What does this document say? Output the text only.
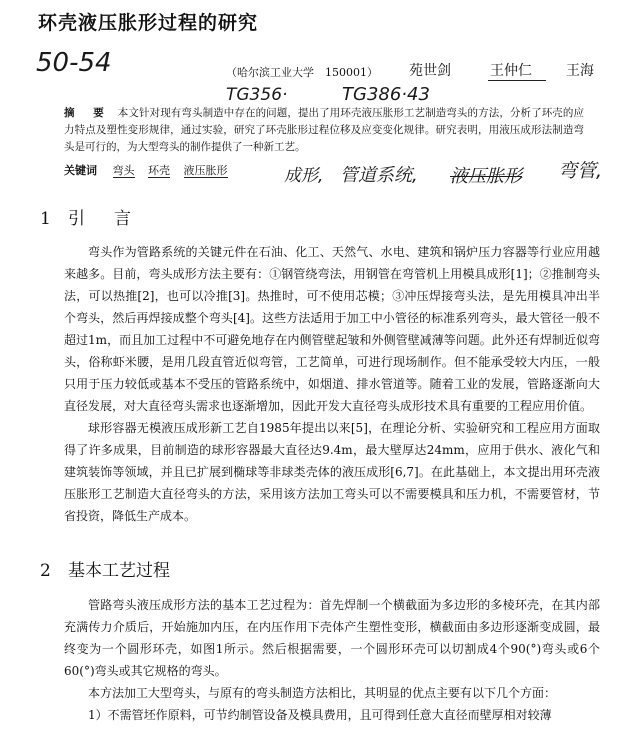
环壳液压胀形过程的研究
50-54
TG356·	TG386·43
（哈尔滨工业大学　150001） 苑世剑	王仲仁 王海
摘　要 本文针对现有弯头制造中存在的问题，提出了用环壳液压胀形工艺制造弯头的方法，分析了环壳的应力特点及塑性变形规律，通过实验，研究了环壳胀形过程位移及应变变化规律。研究表明，用液压成形法制造弯头是可行的，为大型弯头的制作提供了一种新工艺。
关键词 弯头 环壳 液压胀形	成形, 管道系统, 液压胀形 弯管,
1 引　言

弯头作为管路系统的关键元件在石油、化工、天然气、水电、建筑和锅炉压力容器等行业应用越来越多。目前，弯头成形方法主要有：①钢管绕弯法，用钢管在弯管机上用模具成形[1]；②推制弯头法，可以热推[2]，也可以冷推[3]。热推时，可不使用芯模；③冲压焊接弯头法，是先用模具冲出半个弯头，然后再焊接成整个弯头[4]。这些方法适用于加工中小管径的标准系列弯头，最大管径一般不超过1m，而且加工过程中不可避免地存在内侧管壁起皱和外侧管壁减薄等问题。此外还有焊制近似弯头，俗称虾米腰，是用几段直管近似弯管，工艺简单，可进行现场制作。但不能承受较大内压，一般只用于压力较低或基本不受压的管路系统中，如烟道、排水管道等。随着工业的发展，管路逐渐向大直径发展，对大直径弯头需求也逐渐增加，因此开发大直径弯头成形技术具有重要的工程应用价值。

球形容器无模液压成形新工艺自1985年提出以来[5]，在理论分析、实验研究和工程应用方面取得了许多成果，目前制造的球形容器最大直径达9.4m，最大壁厚达24mm，应用于供水、液化气和建筑装饰等领域，并且已扩展到椭球等非球类壳体的液压成形[6,7]。在此基础上，本文提出用环壳液压胀形工艺制造大直径弯头的方法，采用该方法加工弯头可以不需要模具和压力机，不需要管材，节省投资，降低生产成本。

2 基本工艺过程

管路弯头液压成形方法的基本工艺过程为：首先焊制一个横截面为多边形的多棱环壳，在其内部充满传力介质后，开始施加内压，在内压作用下壳体产生塑性变形，横截面由多边形逐渐变成圆，最终变为一个圆形环壳，如图1所示。然后根据需要，一个圆形环壳可以切割成4个90(°)弯头或6个60(°)弯头或其它规格的弯头。

本方法加工大型弯头，与原有的弯头制造方法相比，其明显的优点主要有以下几个方面：

1）不需管坯作原料，可节约制管设备及模具费用，且可得到任意大直径而壁厚相对较薄
